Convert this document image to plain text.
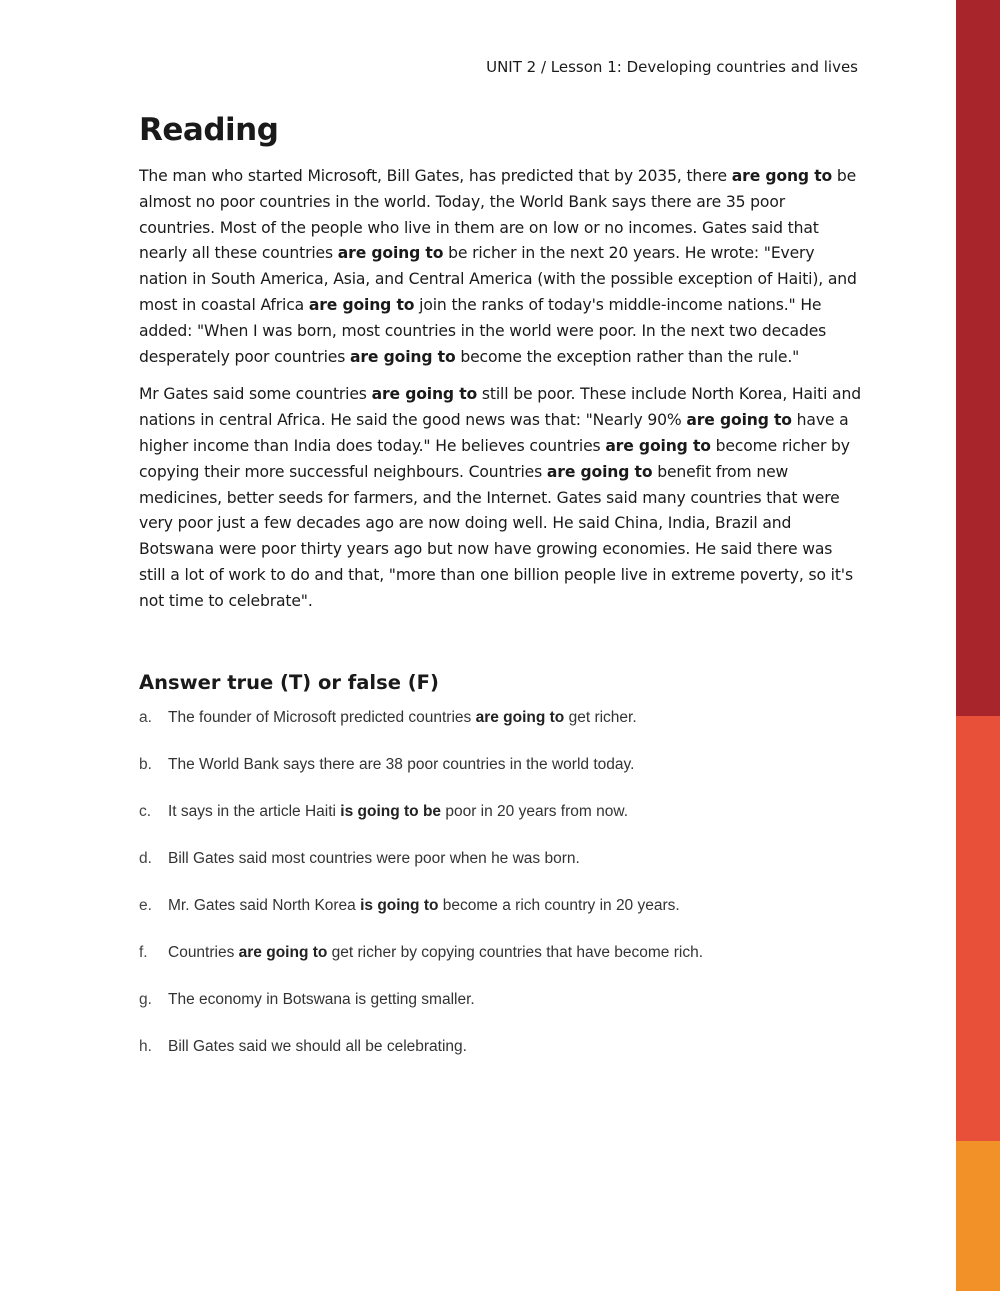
UNIT 2 / Lesson 1: Developing countries and lives
Reading

The man who started Microsoft, Bill Gates, has predicted that by 2035, there are gong to be almost no poor countries in the world. Today, the World Bank says there are 35 poor countries. Most of the people who live in them are on low or no incomes. Gates said that nearly all these countries are going to be richer in the next 20 years. He wrote: "Every nation in South America, Asia, and Central America (with the possible exception of Haiti), and most in coastal Africa are going to join the ranks of today's middle-income nations." He added: "When I was born, most countries in the world were poor. In the next two decades desperately poor countries are going to become the exception rather than the rule."

Mr Gates said some countries are going to still be poor. These include North Korea, Haiti and nations in central Africa. He said the good news was that: "Nearly 90% are going to have a higher income than India does today." He believes countries are going to become richer by copying their more successful neighbours. Countries are going to benefit from new medicines, better seeds for farmers, and the Internet. Gates said many countries that were very poor just a few decades ago are now doing well. He said China, India, Brazil and Botswana were poor thirty years ago but now have growing economies. He said there was still a lot of work to do and that, "more than one billion people live in extreme poverty, so it's not time to celebrate".

Answer true (T) or false (F)
a.	The founder of Microsoft predicted countries are going to get richer.
b.	The World Bank says there are 38 poor countries in the world today.
c.	It says in the article Haiti is going to be poor in 20 years from now.
d.	Bill Gates said most countries were poor when he was born.
e.	Mr. Gates said North Korea is going to become a rich country in 20 years.
f.	Countries are going to get richer by copying countries that have become rich.
g.	The economy in Botswana is getting smaller.
h.	Bill Gates said we should all be celebrating.
